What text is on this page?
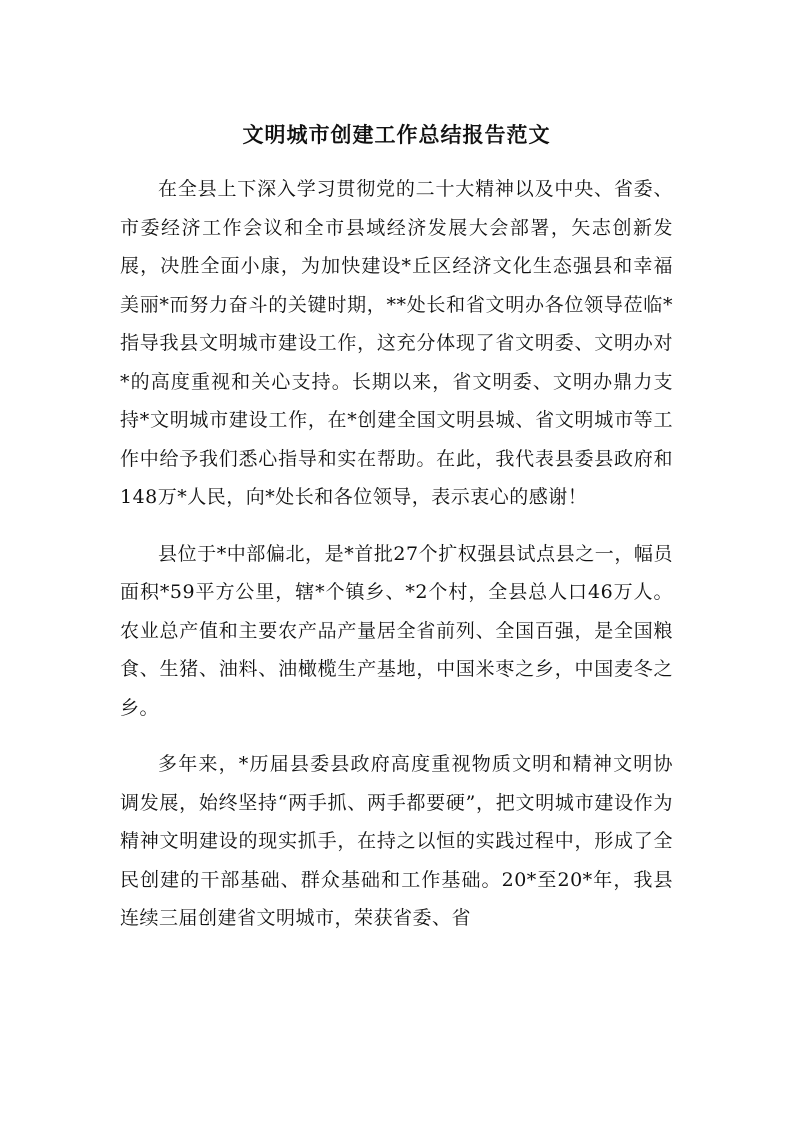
文明城市创建工作总结报告范文

在全县上下深入学习贯彻党的二十大精神以及中央、省委、市委经济工作会议和全市县域经济发展大会部署，矢志创新发展，决胜全面小康，为加快建设*丘区经济文化生态强县和幸福美丽*而努力奋斗的关键时期，**处长和省文明办各位领导莅临*指导我县文明城市建设工作，这充分体现了省文明委、文明办对*的高度重视和关心支持。长期以来，省文明委、文明办鼎力支持*文明城市建设工作，在*创建全国文明县城、省文明城市等工作中给予我们悉心指导和实在帮助。在此，我代表县委县政府和148万*人民，向*处长和各位领导，表示衷心的感谢！

县位于*中部偏北，是*首批27个扩权强县试点县之一，幅员面积*59平方公里，辖*个镇乡、*2个村，全县总人口46万人。农业总产值和主要农产品产量居全省前列、全国百强，是全国粮食、生猪、油料、油橄榄生产基地，中国米枣之乡，中国麦冬之乡。

多年来，*历届县委县政府高度重视物质文明和精神文明协调发展，始终坚持“两手抓、两手都要硬”，把文明城市建设作为精神文明建设的现实抓手，在持之以恒的实践过程中，形成了全民创建的干部基础、群众基础和工作基础。20*至20*年，我县连续三届创建省文明城市，荣获省委、省
